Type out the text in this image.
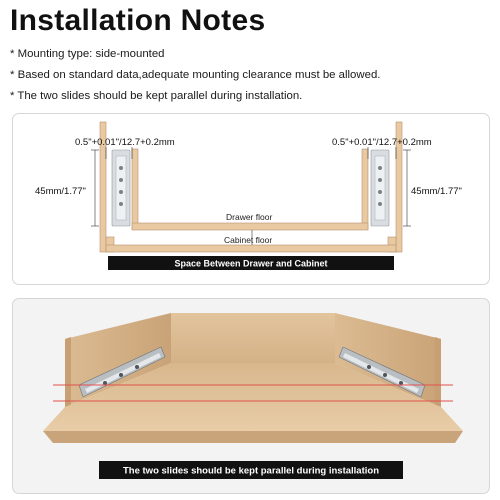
Installation Notes
* Mounting type: side-mounted
* Based on standard data,adequate mounting clearance must be allowed.
* The two slides should be kept parallel during installation.
0.5"+0.01"/12.7+0.2mm	0.5"+0.01"/12.7+0.2mm
45mm/1.77"	45mm/1.77"
Drawer floor
Cabinet floor
Space Between Drawer and Cabinet
The two slides should be kept parallel during installation
